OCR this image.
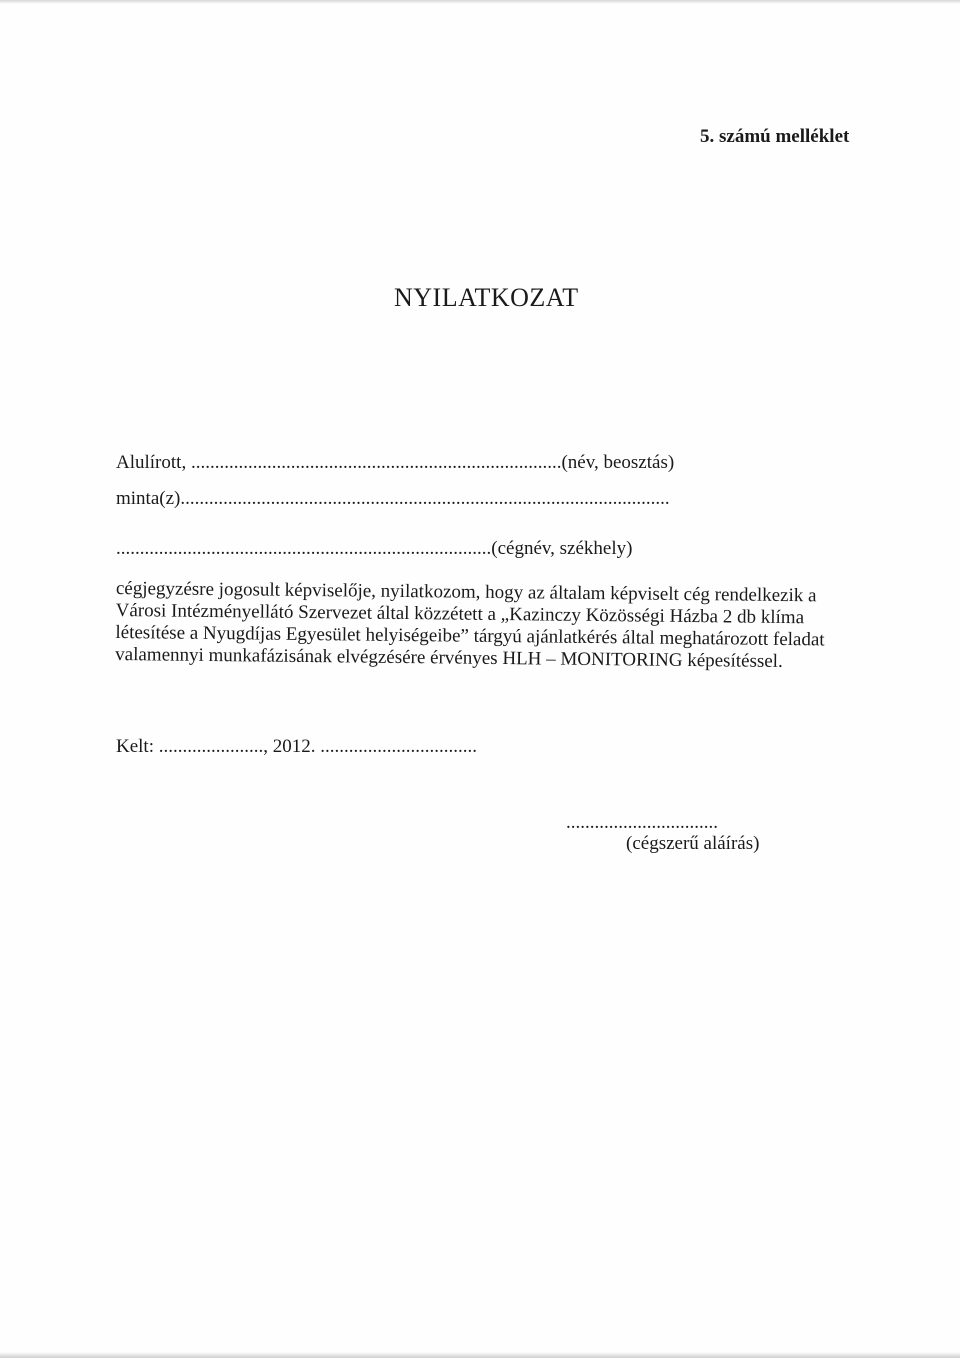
5. számú melléklet
NYILATKOZAT
Alulírott, ..............................................................................(név, beosztás)
minta(z).......................................................................................................
...............................................................................(cégnév, székhely)
cégjegyzésre jogosult képviselője, nyilatkozom, hogy az általam képviselt cég rendelkezik a
Városi Intézményellátó Szervezet által közzétett a „Kazinczy Közösségi Házba 2 db klíma
létesítése a Nyugdíjas Egyesület helyiségeibe” tárgyú ajánlatkérés által meghatározott feladat
valamennyi munkafázisának elvégzésére érvényes HLH – MONITORING képesítéssel.
Kelt: ......................, 2012. .................................
................................
(cégszerű aláírás)
